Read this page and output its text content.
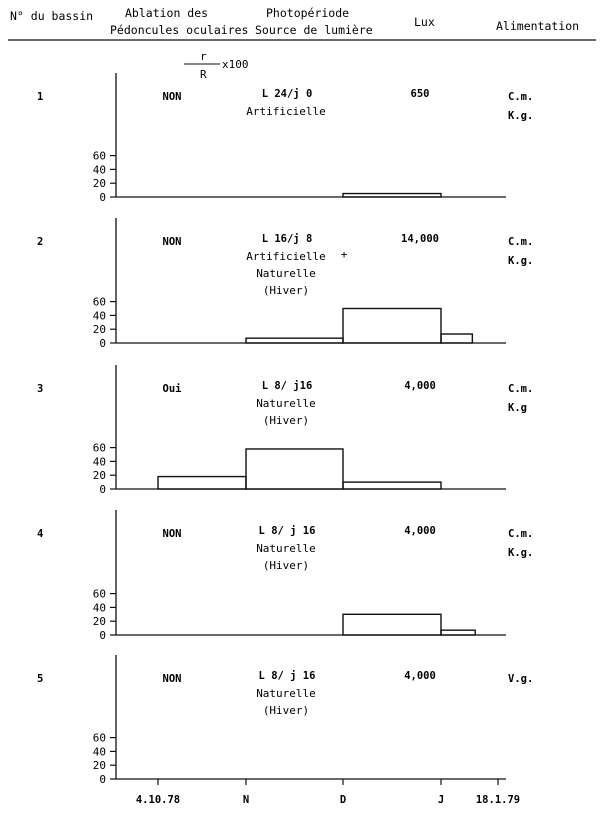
N° du bassin	Ablation des
Pédoncules oculaires
Photopériode
Source de lumière
Lux	Alimentation
r
R
x100
0
20
40
60
1	NON	L 24/j 0
Artificielle
650	C.m.
K.g.
0
20
40
60
2	NON	L 16/j 8
Artificielle
Naturelle
(Hiver)
+
14,000	C.m.
K.g.
0
20
40
60
3	Oui	L 8/ j16
Naturelle
(Hiver)
4,000	C.m.
K.g
0
20
40
60
4	NON	L 8/ j 16
Naturelle
(Hiver)
4,000	C.m.
K.g.
0
20
40
60
5	NON	L 8/ j 16
Naturelle
(Hiver)
4,000	V.g.
4.10.78	N	D	J	18.1.79
